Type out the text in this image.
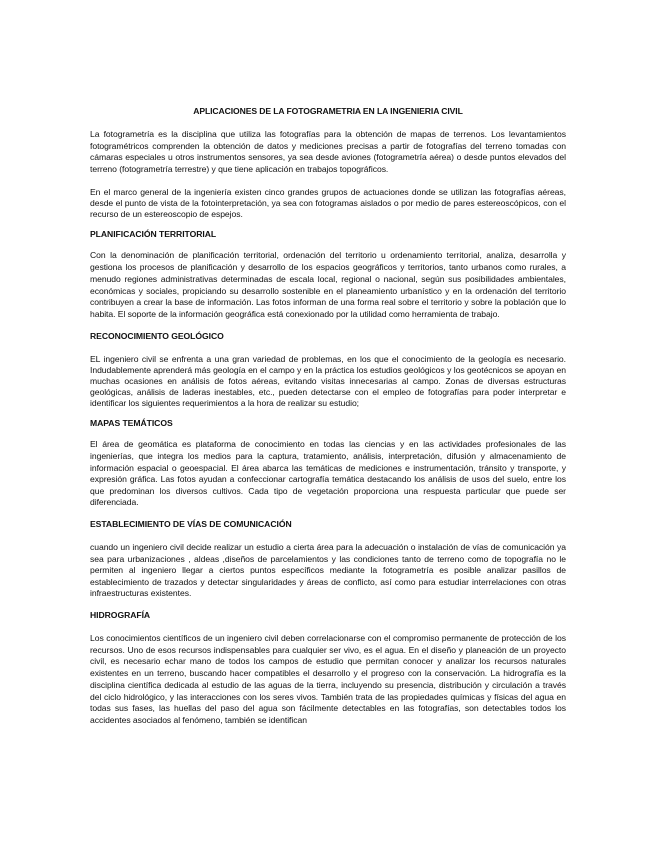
APLICACIONES DE LA FOTOGRAMETRIA EN LA INGENIERIA CIVIL

La fotogrametría es la disciplina que utiliza las fotografías para la obtención de mapas de terrenos. Los levantamientos fotogramétricos comprenden la obtención de datos y mediciones precisas a partir de fotografías del terreno tomadas con cámaras especiales u otros instrumentos sensores, ya sea desde aviones (fotogrametría aérea) o desde puntos elevados del terreno (fotogrametría terrestre) y que tiene aplicación en trabajos topográficos.

En el marco general de la ingeniería existen cinco grandes grupos de actuaciones donde se utilizan las fotografías aéreas, desde el punto de vista de la fotointerpretación, ya sea con fotogramas aislados o por medio de pares estereoscópicos, con el recurso de un estereoscopio de espejos.

PLANIFICACIÓN TERRITORIAL

Con la denominación de planificación territorial, ordenación del territorio u ordenamiento territorial, analiza, desarrolla y gestiona los procesos de planificación y desarrollo de los espacios geográficos y territorios, tanto urbanos como rurales, a menudo regiones administrativas determinadas de escala local, regional o nacional, según sus posibilidades ambientales, económicas y sociales, propiciando su desarrollo sostenible en el planeamiento urbanístico y en la ordenación del territorio contribuyen a crear la base de información. Las fotos informan de una forma real sobre el territorio y sobre la población que lo habita. El soporte de la información geográfica está conexionado por la utilidad como herramienta de trabajo.

RECONOCIMIENTO GEOLÓGICO

EL ingeniero civil se enfrenta a una gran variedad de problemas, en los que el conocimiento de la geología es necesario. Indudablemente aprenderá más geología en el campo y en la práctica los estudios geológicos y los geotécnicos se apoyan en muchas ocasiones en análisis de fotos aéreas, evitando visitas innecesarias al campo. Zonas de diversas estructuras geológicas, análisis de laderas inestables, etc., pueden detectarse con el empleo de fotografías para poder interpretar e identificar los siguientes requerimientos a la hora de realizar su estudio;

MAPAS TEMÁTICOS

El área de geomática es plataforma de conocimiento en todas las ciencias y en las actividades profesionales de las ingenierías, que integra los medios para la captura, tratamiento, análisis, interpretación, difusión y almacenamiento de información espacial o geoespacial. El área abarca las temáticas de mediciones e instrumentación, tránsito y transporte, y expresión gráfica. Las fotos ayudan a confeccionar cartografía temática destacando los análisis de usos del suelo, entre los que predominan los diversos cultivos. Cada tipo de vegetación proporciona una respuesta particular que puede ser diferenciada.

ESTABLECIMIENTO DE VÍAS DE COMUNICACIÓN

cuando un ingeniero civil decide realizar un estudio a cierta área para la adecuación o instalación de vías de comunicación ya sea para urbanizaciones , aldeas ,diseños de parcelamientos y las condiciones tanto de terreno como de topografía no le permiten al ingeniero llegar a ciertos puntos específicos mediante la fotogrametría es posible analizar pasillos de establecimiento de trazados y detectar singularidades y áreas de conflicto, así como para estudiar interrelaciones con otras infraestructuras existentes.

HIDROGRAFÍA

Los conocimientos científicos de un ingeniero civil deben correlacionarse con el compromiso permanente de protección de los recursos. Uno de esos recursos indispensables para cualquier ser vivo, es el agua. En el diseño y planeación de un proyecto civil, es necesario echar mano de todos los campos de estudio que permitan conocer y analizar los recursos naturales existentes en un terreno, buscando hacer compatibles el desarrollo y el progreso con la conservación. La hidrografía es la disciplina científica dedicada al estudio de las aguas de la tierra, incluyendo su presencia, distribución y circulación a través del ciclo hidrológico, y las interacciones con los seres vivos. También trata de las propiedades químicas y físicas del agua en todas sus fases, las huellas del paso del agua son fácilmente detectables en las fotografías, son detectables todos los accidentes asociados al fenómeno, también se identifican
